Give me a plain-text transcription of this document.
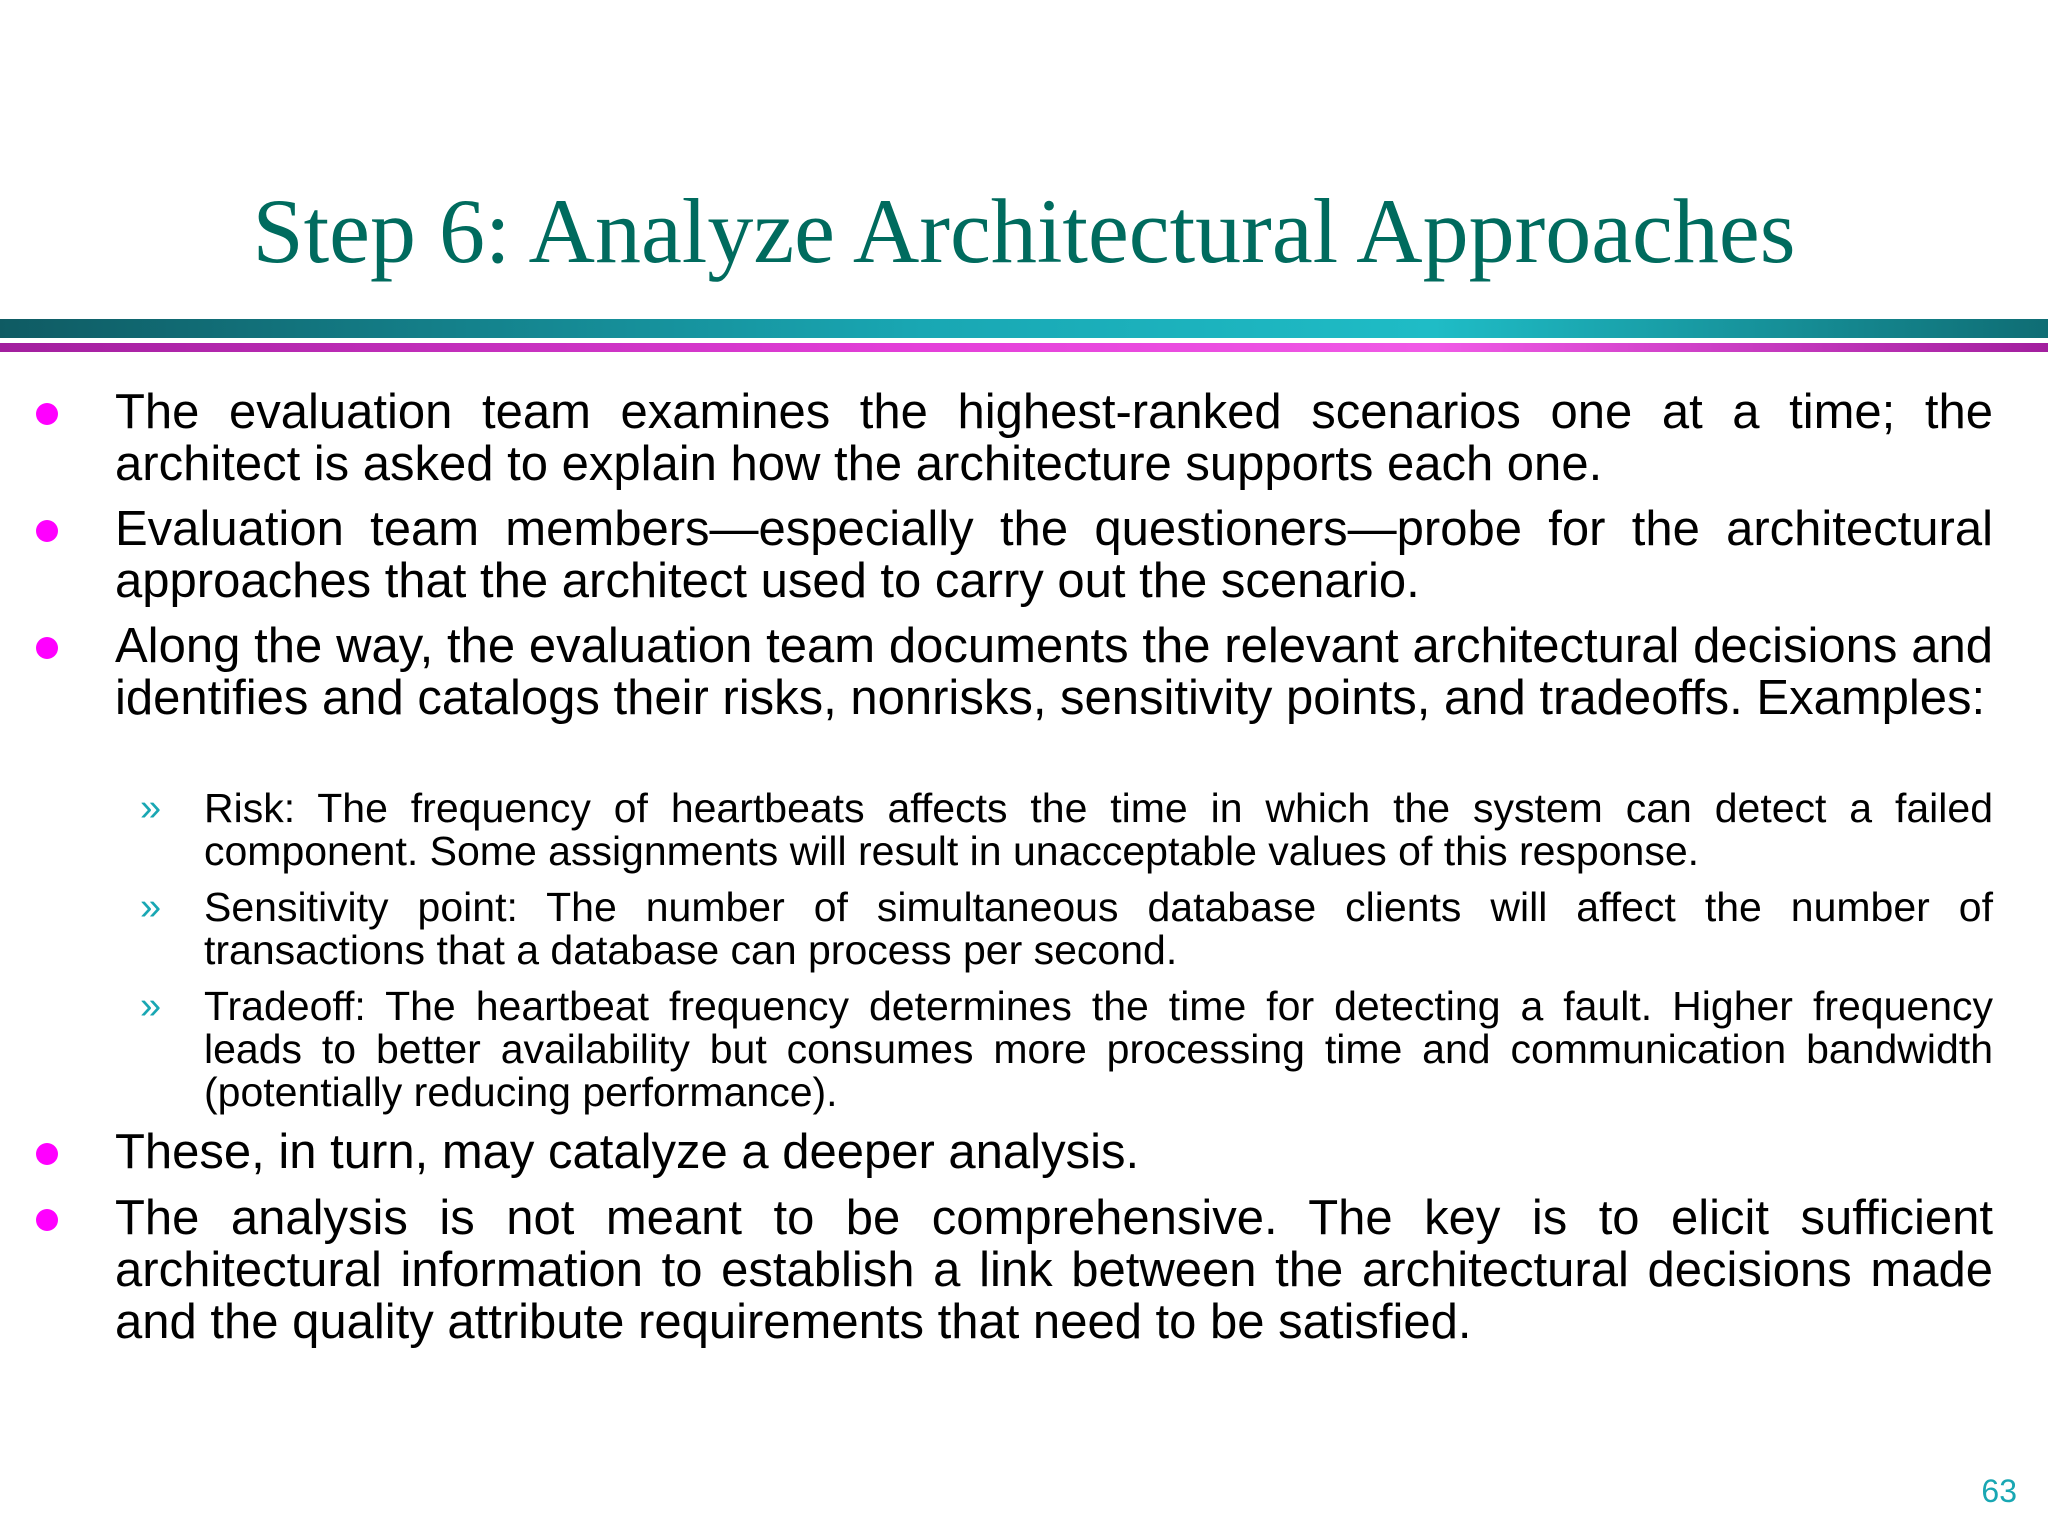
Step 6: Analyze Architectural Approaches
The evaluation team examines the highest-ranked scenarios one at a time; the architect is asked to explain how the architecture supports each one.
Evaluation team members—especially the questioners—probe for the architectural approaches that the architect used to carry out the scenario.
Along the way, the evaluation team documents the relevant architectural decisions and identifies and catalogs their risks, nonrisks, sensitivity points, and tradeoffs. Examples:
» Risk: The frequency of heartbeats affects the time in which the system can detect a failed component. Some assignments will result in unacceptable values of this response.
» Sensitivity point: The number of simultaneous database clients will affect the number of transactions that a database can process per second.
» Tradeoff: The heartbeat frequency determines the time for detecting a fault. Higher frequency leads to better availability but consumes more processing time and communication bandwidth (potentially reducing performance).
These, in turn, may catalyze a deeper analysis.
The analysis is not meant to be comprehensive. The key is to elicit sufficient architectural information to establish a link between the architectural decisions made and the quality attribute requirements that need to be satisfied.
63
